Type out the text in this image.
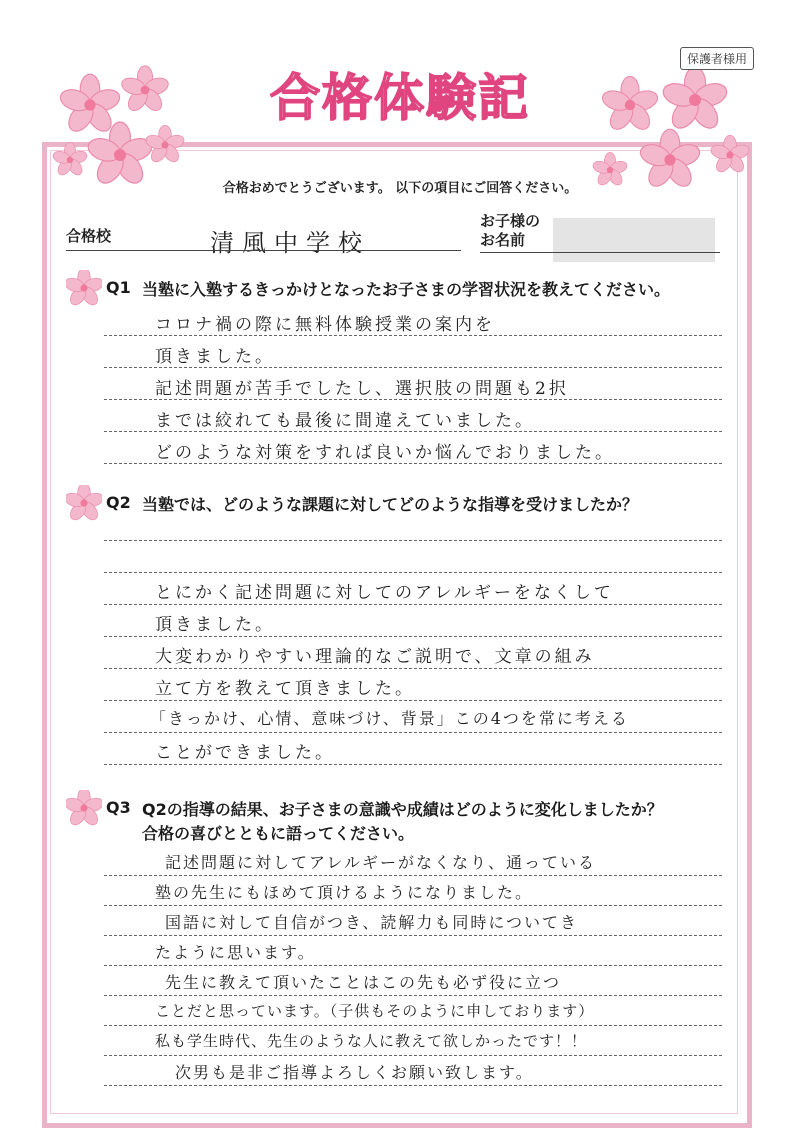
合格体験記
保護者様用
合格おめでとうございます。 以下の項目にご回答ください。
合格校	清風中学校
お子様の
お名前
Q1 当塾に入塾するきっかけとなったお子さまの学習状況を教えてください。
コロナ禍の際に無料体験授業の案内を
頂きました。
記述問題が苦手でしたし、選択肢の問題も2択
までは絞れても最後に間違えていました。
どのような対策をすれば良いか悩んでおりました。
Q2 当塾では、どのような課題に対してどのような指導を受けましたか？
とにかく記述問題に対してのアレルギーをなくして
頂きました。
大変わかりやすい理論的なご説明で、文章の組み
立て方を教えて頂きました。
「きっかけ、心情、意味づけ、背景」この4つを常に考える
ことができました。
Q3 Q2の指導の結果、お子さまの意識や成績はどのように変化しましたか？
合格の喜びとともに語ってください。
記述問題に対してアレルギーがなくなり、通っている
塾の先生にもほめて頂けるようになりました。
国語に対して自信がつき、読解力も同時についてき
たように思います。
先生に教えて頂いたことはこの先も必ず役に立つ
ことだと思っています。（子供もそのように申しております）
私も学生時代、先生のような人に教えて欲しかったです！！
次男も是非ご指導よろしくお願い致します。
